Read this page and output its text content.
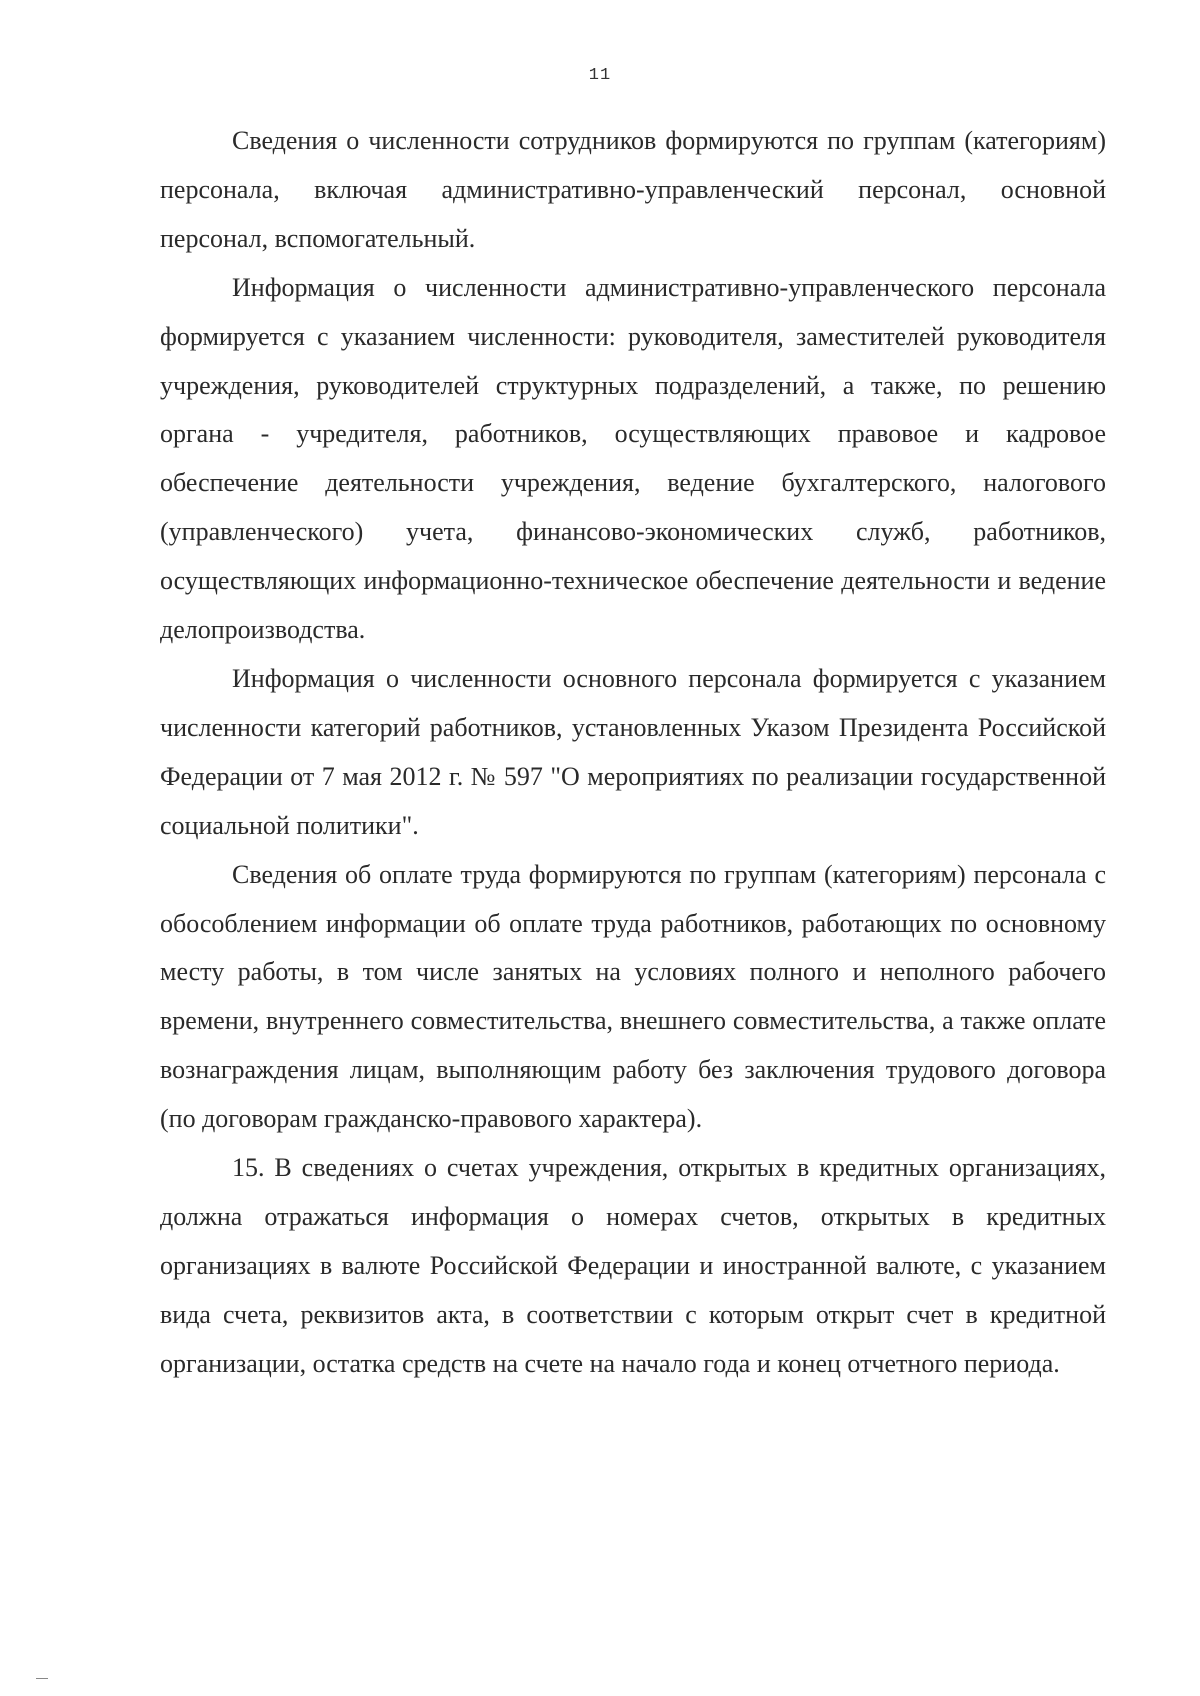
11

Сведения о численности сотрудников формируются по группам (категориям) персонала, включая административно-управленческий персонал, основной персонал, вспомогательный.

Информация о численности административно-управленческого персонала формируется с указанием численности: руководителя, заместителей руководителя учреждения, руководителей структурных подразделений, а также, по решению органа - учредителя, работников, осуществляющих правовое и кадровое обеспечение деятельности учреждения, ведение бухгалтерского, налогового (управленческого) учета, финансово-экономических служб, работников, осуществляющих информационно-техническое обеспечение деятельности и ведение делопроизводства.

Информация о численности основного персонала формируется с указанием численности категорий работников, установленных Указом Президента Российской Федерации от 7 мая 2012 г. № 597 "О мероприятиях по реализации государственной социальной политики".

Сведения об оплате труда формируются по группам (категориям) персонала с обособлением информации об оплате труда работников, работающих по основному месту работы, в том числе занятых на условиях полного и неполного рабочего времени, внутреннего совместительства, внешнего совместительства, а также оплате вознаграждения лицам, выполняющим работу без заключения трудового договора (по договорам гражданско-правового характера).

15. В сведениях о счетах учреждения, открытых в кредитных организациях, должна отражаться информация о номерах счетов, открытых в кредитных организациях в валюте Российской Федерации и иностранной валюте, с указанием вида счета, реквизитов акта, в соответствии с которым открыт счет в кредитной организации, остатка средств на счете на начало года и конец отчетного периода.
